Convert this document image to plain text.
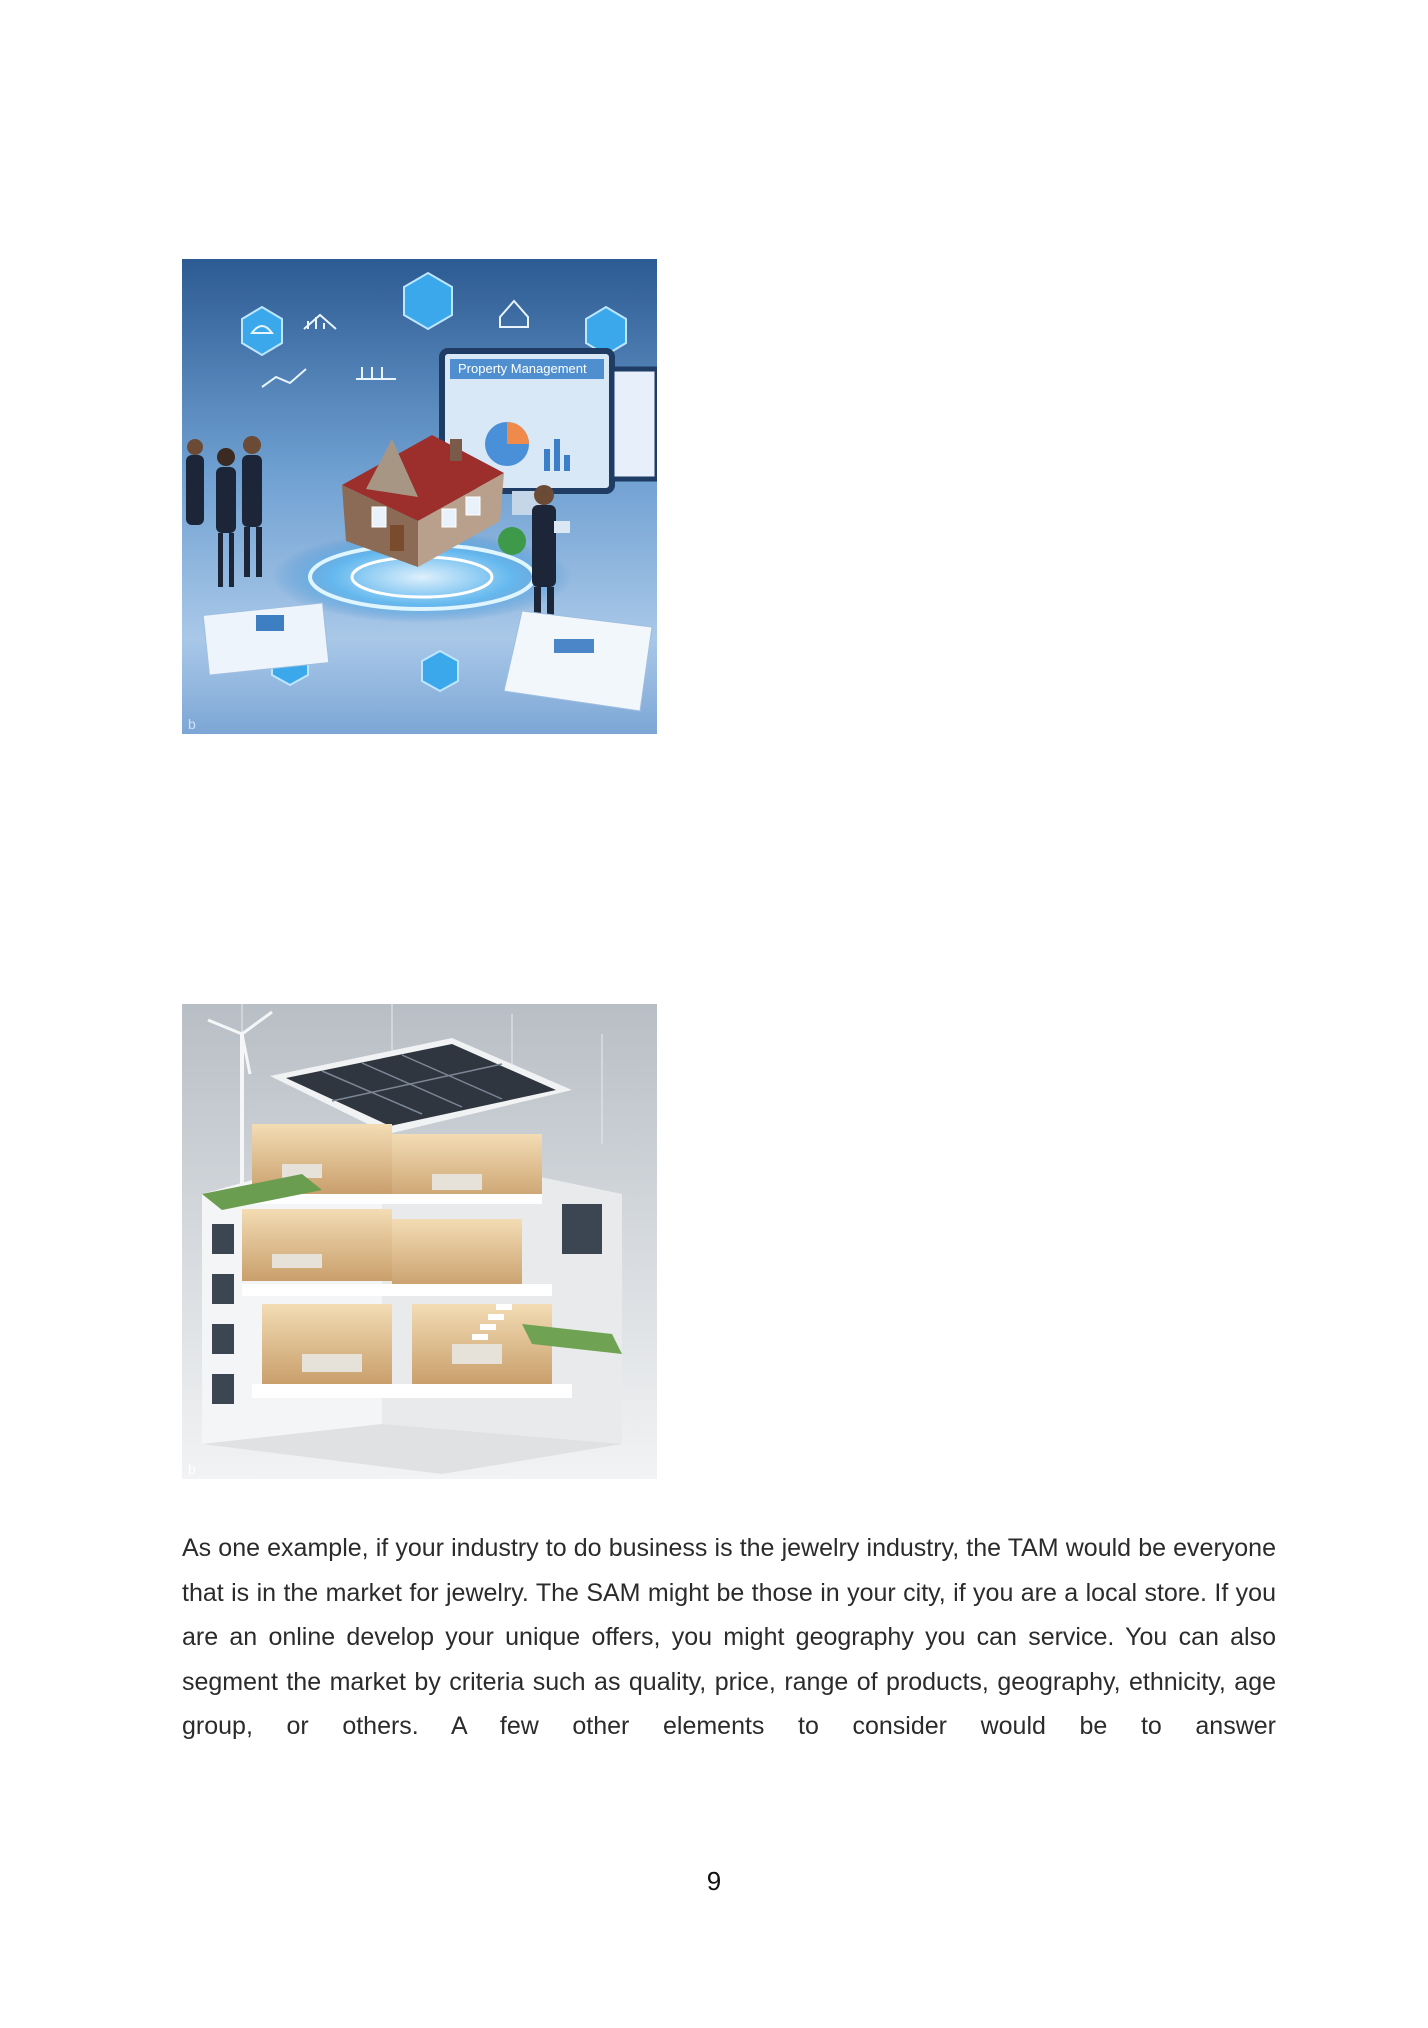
Property Management
b
b

As one example, if your industry to do business is the jewelry industry, the TAM would be everyone that is in the market for jewelry. The SAM might be those in your city, if you are a local store. If you are an online develop your unique offers, you might geography you can service. You can also segment the market by criteria such as quality, price, range of products, geography, ethnicity, age group, or others. A few other elements to consider would be to answer

9
